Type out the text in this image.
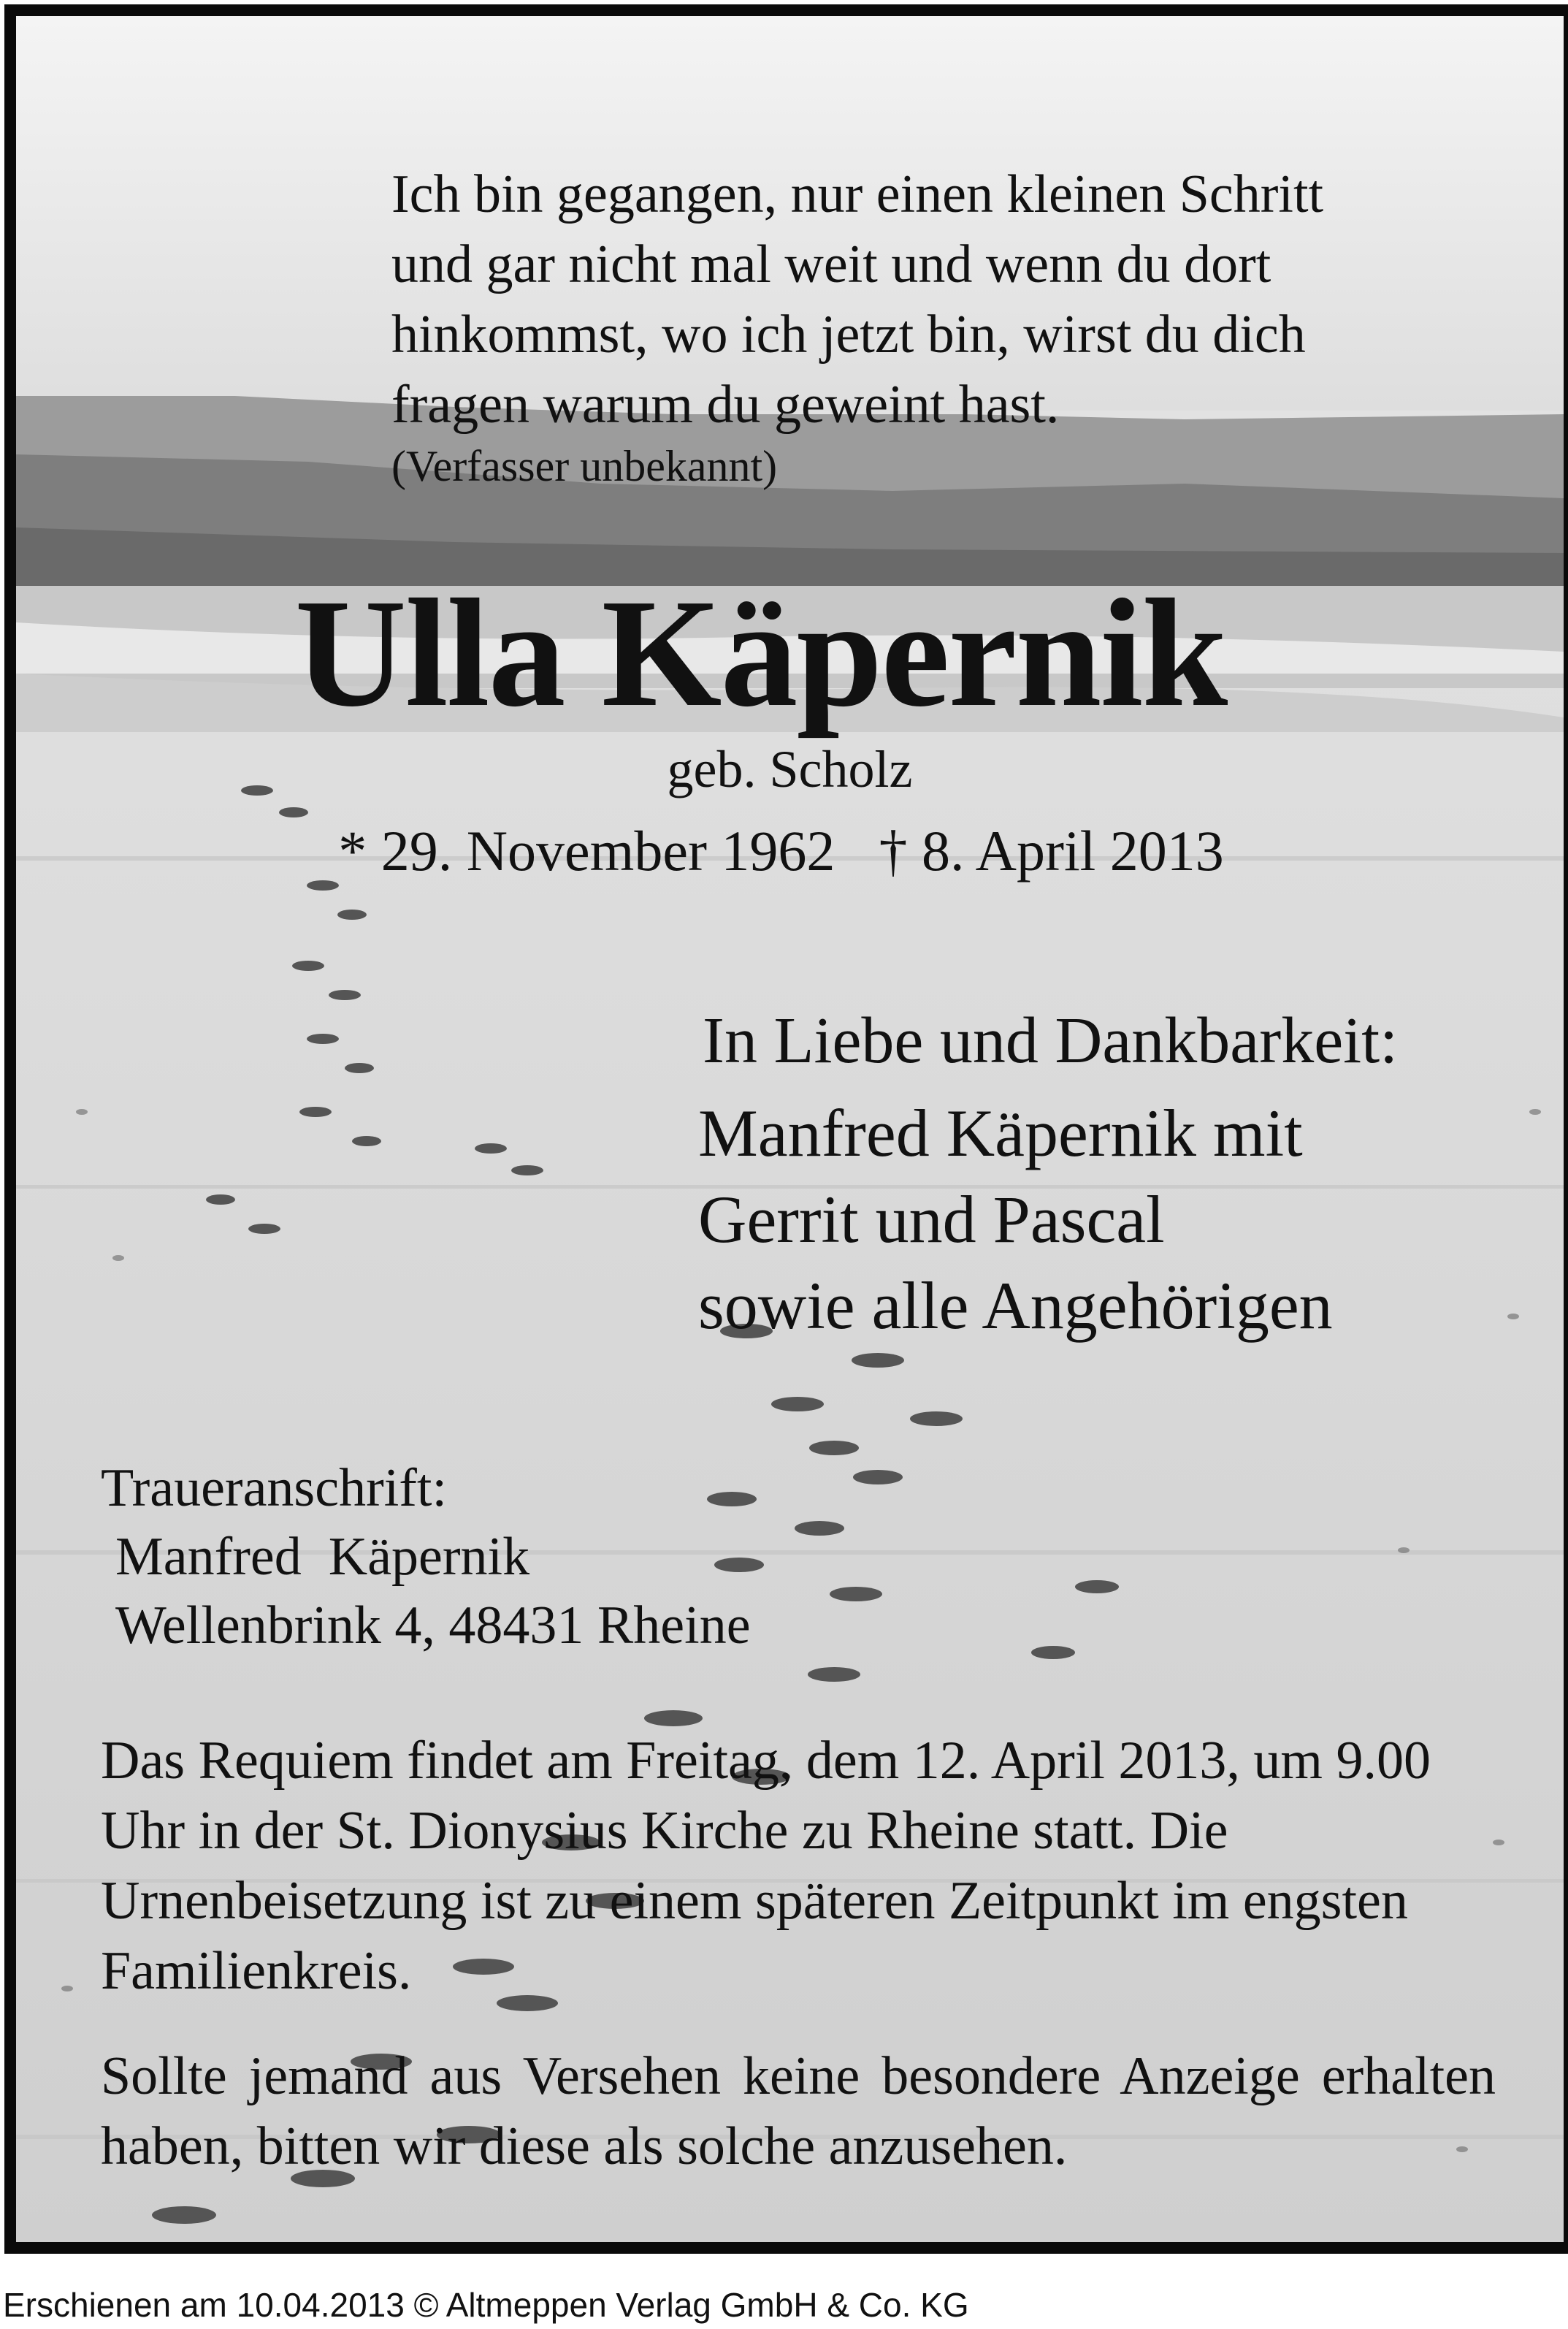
Ich bin gegangen, nur einen kleinen Schritt
und gar nicht mal weit und wenn du dort
hinkommst, wo ich jetzt bin, wirst du dich
fragen warum du geweint hast.
(Verfasser unbekannt)
Ulla Käpernik
geb. Scholz
* 29. November 1962 † 8. April 2013
In Liebe und Dankbarkeit:
Manfred Käpernik mit
Gerrit und Pascal
sowie alle Angehörigen
Traueranschrift:
Manfred  Käpernik
Wellenbrink 4, 48431 Rheine
Das Requiem findet am Freitag, dem 12. April 2013, um 9.00 Uhr in der St. Dionysius Kirche zu Rheine statt. Die Urnenbeisetzung ist zu einem späteren Zeitpunkt im engsten Familienkreis.
Sollte jemand aus Versehen keine besondere Anzeige erhalten haben, bitten wir diese als solche anzusehen.
Erschienen am 10.04.2013 © Altmeppen Verlag GmbH & Co. KG
